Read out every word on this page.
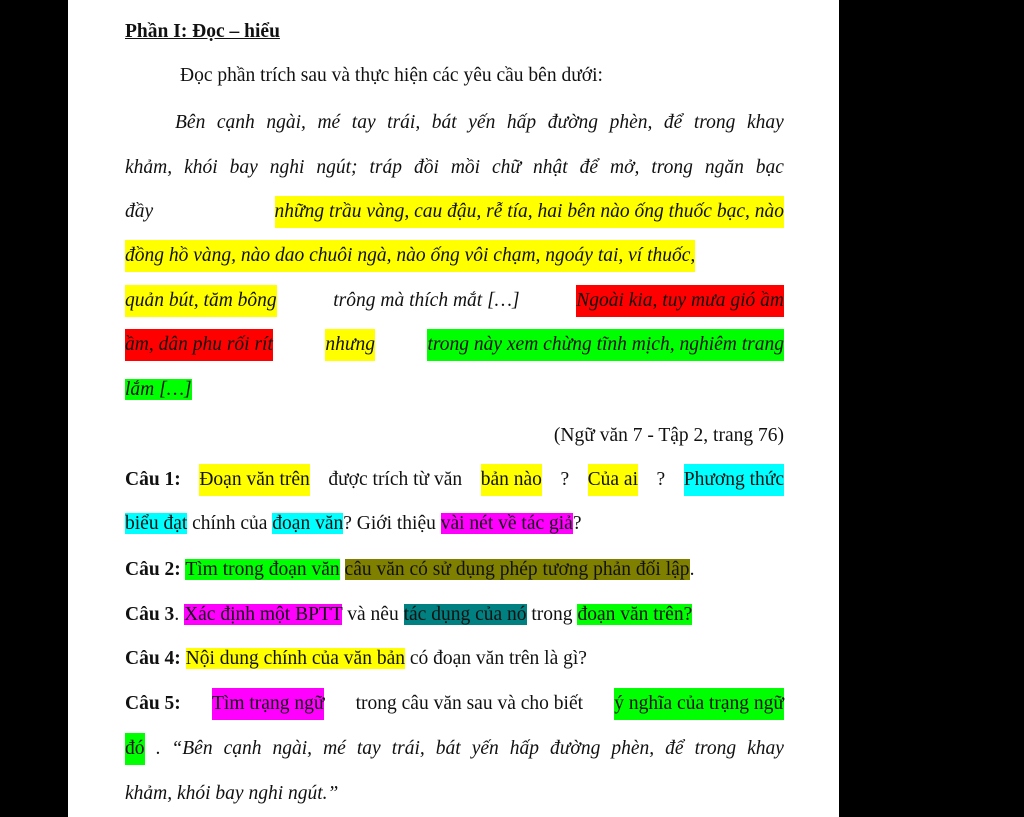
Phần I: Đọc – hiểu
Đọc phần trích sau và thực hiện các yêu cầu bên dưới:
Bên cạnh ngài, mé tay trái, bát yến hấp đường phèn, để trong khay
khảm, khói bay nghi ngút; tráp đồi mồi chữ nhật để mở, trong ngăn bạc
đầy	những trầu vàng, cau đậu, rễ tía, hai bên nào ống thuốc bạc, nào
đồng hồ vàng, nào dao chuôi ngà, nào ống vôi chạm, ngoáy tai, ví thuốc,
quản bút, tăm bông	trông mà thích mắt […]	Ngoài kia, tuy mưa gió ầm
ầm, dân phu rối rít	nhưng	trong này xem chừng tĩnh mịch, nghiêm trang
lắm […]
(Ngữ văn 7 - Tập 2, trang 76)
Câu 1: Đoạn văn trên được trích từ văn bản nào ? Của ai ? Phương thức
biểu đạt chính của đoạn văn? Giới thiệu vài nét về tác giả?
Câu 2: Tìm trong đoạn văn câu văn có sử dụng phép tương phản đối lập.
Câu 3. Xác định một BPTT và nêu tác dụng của nó trong đoạn văn trên?
Câu 4: Nội dung chính của văn bản có đoạn văn trên là gì?
Câu 5: Tìm trạng ngữ trong câu văn sau và cho biết ý nghĩa của trạng ngữ
đó . “Bên cạnh ngài, mé tay trái, bát yến hấp đường phèn, để trong khay
khảm, khói bay nghi ngút.”
